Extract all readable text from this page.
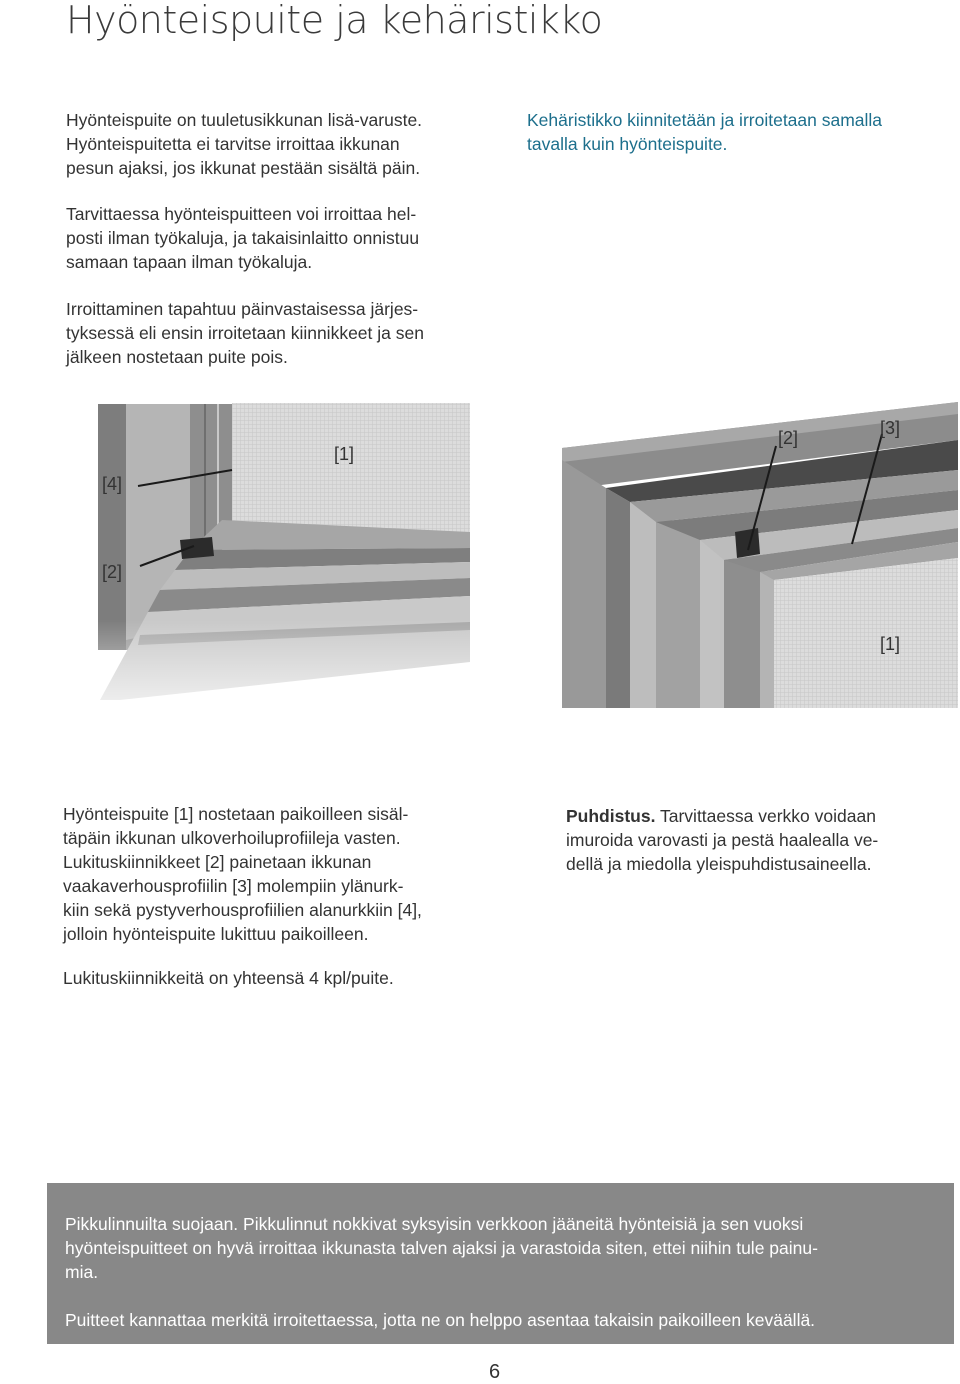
Hyönteispuite ja kehäristikko

Hyönteispuite on tuuletusikkunan lisä-varuste.
Hyönteispuitetta ei tarvitse irroittaa ikkunan
pesun ajaksi, jos ikkunat pestään sisältä päin.

Kehäristikko kiinnitetään ja irroitetaan samalla
tavalla kuin hyönteispuite.

Tarvittaessa hyönteispuitteen voi irroittaa hel-
posti ilman työkaluja, ja takaisinlaitto onnistuu
samaan tapaan ilman työkaluja.

Irroittaminen tapahtuu päinvastaisessa järjes-
tyksessä eli ensin irroitetaan kiinnikkeet ja sen
jälkeen nostetaan puite pois.

[4]
[1]
[2]
[2]	[3]
[1]

Hyönteispuite [1] nostetaan paikoilleen sisäl-
täpäin ikkunan ulkoverhoiluprofiileja vasten.
Lukituskiinnikkeet [2] painetaan ikkunan
vaakaverhousprofiilin [3] molempiin ylänurk-
kiin sekä pystyverhousprofiilien alanurkkiin [4],
jolloin hyönteispuite lukittuu paikoilleen.

Lukituskiinnikkeitä on yhteensä 4 kpl/puite.

Puhdistus. Tarvittaessa verkko voidaan
imuroida varovasti ja pestä haalealla ve-
dellä ja miedolla yleispuhdistusaineella.

Pikkulinnuilta suojaan. Pikkulinnut nokkivat syksyisin verkkoon jääneitä hyönteisiä ja sen vuoksi
hyönteispuitteet on hyvä irroittaa ikkunasta talven ajaksi ja varastoida siten, ettei niihin tule painu-
mia.

Puitteet kannattaa merkitä irroitettaessa, jotta ne on helppo asentaa takaisin paikoilleen keväällä.

6
